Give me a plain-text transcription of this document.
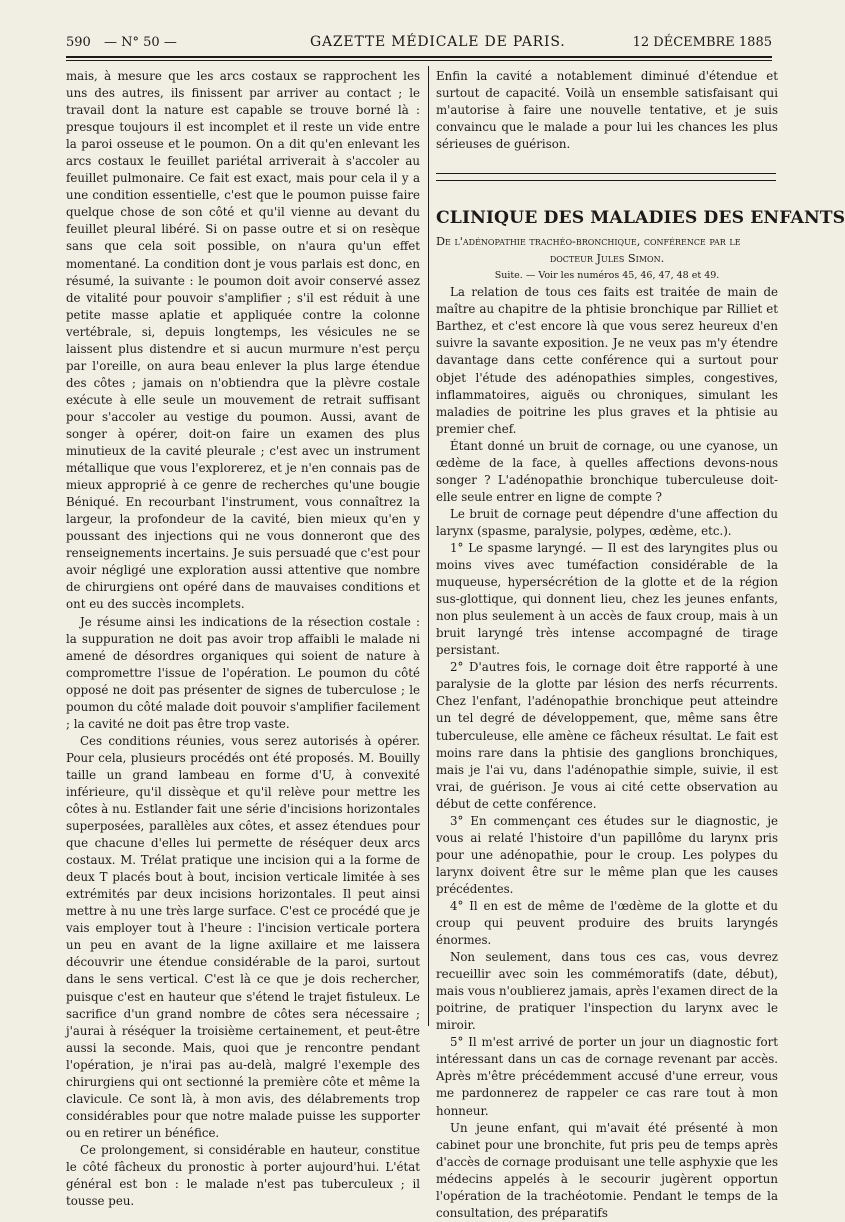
590 — N° 50 —	GAZETTE MÉDICALE DE PARIS.	12 DÉCEMBRE 1885

mais, à mesure que les arcs costaux se rapprochent les uns des autres, ils finissent par arriver au contact ; le travail dont la nature est capable se trouve borné là : presque toujours il est incomplet et il reste un vide entre la paroi osseuse et le poumon. On a dit qu'en enlevant les arcs costaux le feuillet pariétal arriverait à s'accoler au feuillet pulmonaire. Ce fait est exact, mais pour cela il y a une condition essentielle, c'est que le poumon puisse faire quelque chose de son côté et qu'il vienne au devant du feuillet pleural libéré. Si on passe outre et si on resèque sans que cela soit possible, on n'aura qu'un effet momentané. La condition dont je vous parlais est donc, en résumé, la suivante : le poumon doit avoir conservé assez de vitalité pour pouvoir s'amplifier ; s'il est réduit à une petite masse aplatie et appliquée contre la colonne vertébrale, si, depuis longtemps, les vésicules ne se laissent plus distendre et si aucun murmure n'est perçu par l'oreille, on aura beau enlever la plus large étendue des côtes ; jamais on n'obtiendra que la plèvre costale exécute à elle seule un mouvement de retrait suffisant pour s'accoler au vestige du poumon. Aussi, avant de songer à opérer, doit-on faire un examen des plus minutieux de la cavité pleurale ; c'est avec un instrument métallique que vous l'explorerez, et je n'en connais pas de mieux approprié à ce genre de recherches qu'une bougie Béniqué. En recourbant l'instrument, vous connaîtrez la largeur, la profondeur de la cavité, bien mieux qu'en y poussant des injections qui ne vous donneront que des renseignements incertains. Je suis persuadé que c'est pour avoir négligé une exploration aussi attentive que nombre de chirurgiens ont opéré dans de mauvaises conditions et ont eu des succès incomplets.

Je résume ainsi les indications de la résection costale : la suppuration ne doit pas avoir trop affaibli le malade ni amené de désordres organiques qui soient de nature à compromettre l'issue de l'opération. Le poumon du côté opposé ne doit pas présenter de signes de tuberculose ; le poumon du côté malade doit pouvoir s'amplifier facilement ; la cavité ne doit pas être trop vaste.

Ces conditions réunies, vous serez autorisés à opérer. Pour cela, plusieurs procédés ont été proposés. M. Bouilly taille un grand lambeau en forme d'U, à convexité inférieure, qu'il dissèque et qu'il relève pour mettre les côtes à nu. Estlander fait une série d'incisions horizontales superposées, parallèles aux côtes, et assez étendues pour que chacune d'elles lui permette de réséquer deux arcs costaux. M. Trélat pratique une incision qui a la forme de deux T placés bout à bout, incision verticale limitée à ses extrémités par deux incisions horizontales. Il peut ainsi mettre à nu une très large surface. C'est ce procédé que je vais employer tout à l'heure : l'incision verticale portera un peu en avant de la ligne axillaire et me laissera découvrir une étendue considérable de la paroi, surtout dans le sens vertical. C'est là ce que je dois rechercher, puisque c'est en hauteur que s'étend le trajet fistuleux. Le sacrifice d'un grand nombre de côtes sera nécessaire ; j'aurai à réséquer la troisième certainement, et peut-être aussi la seconde. Mais, quoi que je rencontre pendant l'opération, je n'irai pas au-delà, malgré l'exemple des chirurgiens qui ont sectionné la première côte et même la clavicule. Ce sont là, à mon avis, des délabrements trop considérables pour que notre malade puisse les supporter ou en retirer un bénéfice.

Ce prolongement, si considérable en hauteur, constitue le côté fâcheux du pronostic à porter aujourd'hui. L'état général est bon : le malade n'est pas tuberculeux ; il tousse peu.

Enfin la cavité a notablement diminué d'étendue et surtout de capacité. Voilà un ensemble satisfaisant qui m'autorise à faire une nouvelle tentative, et je suis convaincu que le malade a pour lui les chances les plus sérieuses de guérison.

CLINIQUE DES MALADIES DES ENFANTS

De l'adénopathie trachéo-bronchique, conférence par le
docteur Jules Simon.

Suite. — Voir les numéros 45, 46, 47, 48 et 49.

La relation de tous ces faits est traitée de main de maître au chapitre de la phtisie bronchique par Rilliet et Barthez, et c'est encore là que vous serez heureux d'en suivre la savante exposition. Je ne veux pas m'y étendre davantage dans cette conférence qui a surtout pour objet l'étude des adénopathies simples, congestives, inflammatoires, aiguës ou chroniques, simulant les maladies de poitrine les plus graves et la phtisie au premier chef.

Étant donné un bruit de cornage, ou une cyanose, un œdème de la face, à quelles affections devons-nous songer ? L'adénopathie bronchique tuberculeuse doit-elle seule entrer en ligne de compte ?

Le bruit de cornage peut dépendre d'une affection du larynx (spasme, paralysie, polypes, œdème, etc.).

1° Le spasme laryngé. — Il est des laryngites plus ou moins vives avec tuméfaction considérable de la muqueuse, hypersécrétion de la glotte et de la région sus-glottique, qui donnent lieu, chez les jeunes enfants, non plus seulement à un accès de faux croup, mais à un bruit laryngé très intense accompagné de tirage persistant.

2° D'autres fois, le cornage doit être rapporté à une paralysie de la glotte par lésion des nerfs récurrents. Chez l'enfant, l'adénopathie bronchique peut atteindre un tel degré de développement, que, même sans être tuberculeuse, elle amène ce fâcheux résultat. Le fait est moins rare dans la phtisie des ganglions bronchiques, mais je l'ai vu, dans l'adénopathie simple, suivie, il est vrai, de guérison. Je vous ai cité cette observation au début de cette conférence.

3° En commençant ces études sur le diagnostic, je vous ai relaté l'histoire d'un papillôme du larynx pris pour une adénopathie, pour le croup. Les polypes du larynx doivent être sur le même plan que les causes précédentes.

4° Il en est de même de l'œdème de la glotte et du croup qui peuvent produire des bruits laryngés énormes.

Non seulement, dans tous ces cas, vous devrez recueillir avec soin les commémoratifs (date, début), mais vous n'oublierez jamais, après l'examen direct de la poitrine, de pratiquer l'inspection du larynx avec le miroir.

5° Il m'est arrivé de porter un jour un diagnostic fort intéressant dans un cas de cornage revenant par accès. Après m'être précédemment accusé d'une erreur, vous me pardonnerez de rappeler ce cas rare tout à mon honneur.

Un jeune enfant, qui m'avait été présenté à mon cabinet pour une bronchite, fut pris peu de temps après d'accès de cornage produisant une telle asphyxie que les médecins appelés à le secourir jugèrent opportun l'opération de la trachéotomie. Pendant le temps de la consultation, des préparatifs
